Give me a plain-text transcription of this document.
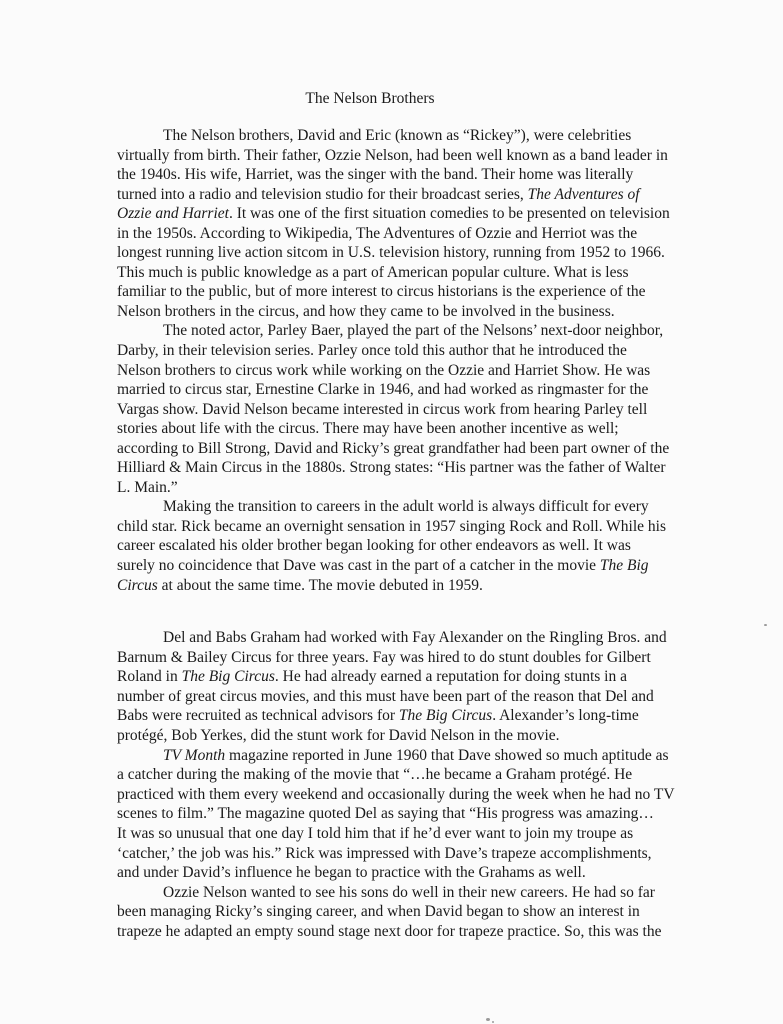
The Nelson Brothers
The Nelson brothers, David and Eric (known as “Rickey”), were celebrities
virtually from birth. Their father, Ozzie Nelson, had been well known as a band leader in
the 1940s. His wife, Harriet, was the singer with the band. Their home was literally
turned into a radio and television studio for their broadcast series, The Adventures of
Ozzie and Harriet. It was one of the first situation comedies to be presented on television
in the 1950s. According to Wikipedia, The Adventures of Ozzie and Herriot was the
longest running live action sitcom in U.S. television history, running from 1952 to 1966.
This much is public knowledge as a part of American popular culture. What is less
familiar to the public, but of more interest to circus historians is the experience of the
Nelson brothers in the circus, and how they came to be involved in the business.
The noted actor, Parley Baer, played the part of the Nelsons’ next-door neighbor,
Darby, in their television series. Parley once told this author that he introduced the
Nelson brothers to circus work while working on the Ozzie and Harriet Show. He was
married to circus star, Ernestine Clarke in 1946, and had worked as ringmaster for the
Vargas show. David Nelson became interested in circus work from hearing Parley tell
stories about life with the circus. There may have been another incentive as well;
according to Bill Strong, David and Ricky’s great grandfather had been part owner of the
Hilliard & Main Circus in the 1880s. Strong states: “His partner was the father of Walter
L. Main.”
Making the transition to careers in the adult world is always difficult for every
child star. Rick became an overnight sensation in 1957 singing Rock and Roll. While his
career escalated his older brother began looking for other endeavors as well. It was
surely no coincidence that Dave was cast in the part of a catcher in the movie The Big
Circus at about the same time. The movie debuted in 1959.
Del and Babs Graham had worked with Fay Alexander on the Ringling Bros. and
Barnum & Bailey Circus for three years. Fay was hired to do stunt doubles for Gilbert
Roland in The Big Circus. He had already earned a reputation for doing stunts in a
number of great circus movies, and this must have been part of the reason that Del and
Babs were recruited as technical advisors for The Big Circus. Alexander’s long-time
protégé, Bob Yerkes, did the stunt work for David Nelson in the movie.
TV Month magazine reported in June 1960 that Dave showed so much aptitude as
a catcher during the making of the movie that “…he became a Graham protégé. He
practiced with them every weekend and occasionally during the week when he had no TV
scenes to film.” The magazine quoted Del as saying that “His progress was amazing…
It was so unusual that one day I told him that if he’d ever want to join my troupe as
‘catcher,’ the job was his.” Rick was impressed with Dave’s trapeze accomplishments,
and under David’s influence he began to practice with the Grahams as well.
Ozzie Nelson wanted to see his sons do well in their new careers. He had so far
been managing Ricky’s singing career, and when David began to show an interest in
trapeze he adapted an empty sound stage next door for trapeze practice. So, this was the
